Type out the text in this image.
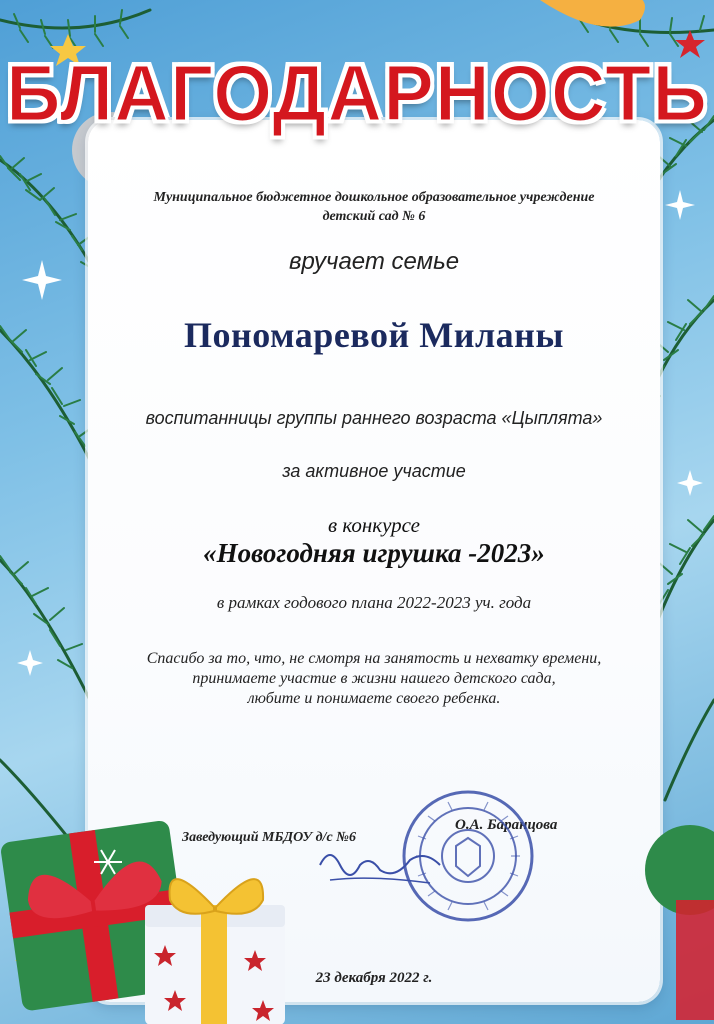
БЛАГОДАРНОСТЬ
Муниципальное бюджетное дошкольное образовательное учреждение
детский сад № 6
вручает семье
Пономаревой Миланы
воспитанницы группы раннего возраста «Цыплята»
за активное участие
в конкурсе
«Новогодняя игрушка -2023»
в рамках годового плана 2022-2023 уч. года
Спасибо за то, что, не смотря на занятость и нехватку времени,
принимаете участие в жизни нашего детского сада,
любите и понимаете своего ребенка.
Заведующий МБДОУ д/с №6
О.А. Баранцова
23 декабря 2022 г.
